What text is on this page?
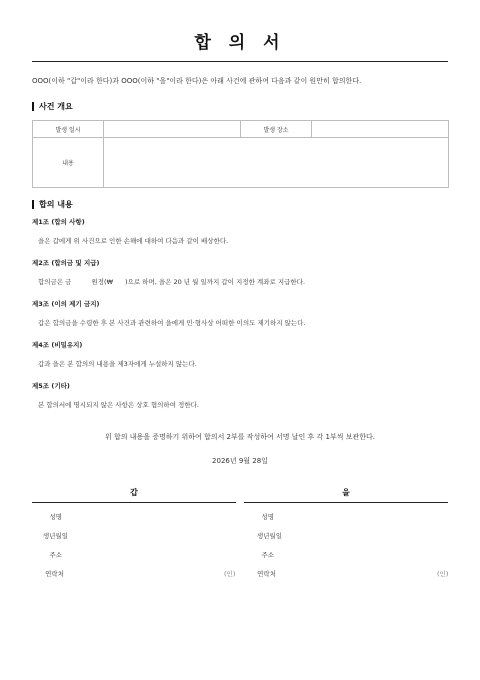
합 의 서
OOO(이하 "갑"이라 한다)과 OOO(이하 "을"이라 한다)은 아래 사건에 관하여 다음과 같이 원만히 합의한다.
사건 개요
발생 일시		발생 장소	
내용			
합의 내용
제1조 (합의 사항)
을은 갑에게 위 사건으로 인한 손해에 대하여 다음과 같이 배상한다.
제2조 (합의금 및 지급)
합의금은 금	원정(₩ )으로 하며, 을은 20 년 월 일까지 갑이 지정한 계좌로 지급한다.
제3조 (이의 제기 금지)
갑은 합의금을 수령한 후 본 사건과 관련하여 을에게 민·형사상 어떠한 이의도 제기하지 않는다.
제4조 (비밀유지)
갑과 을은 본 합의의 내용을 제3자에게 누설하지 않는다.
제5조 (기타)
본 합의서에 명시되지 않은 사항은 상호 협의하여 정한다.
위 합의 내용을 증명하기 위하여 합의서 2부를 작성하여 서명 날인 후 각 1부씩 보관한다.
2026년 9월 28일
갑
성명
생년월일
주소
연락처	(인)
을
성명
생년월일
주소
연락처	(인)
